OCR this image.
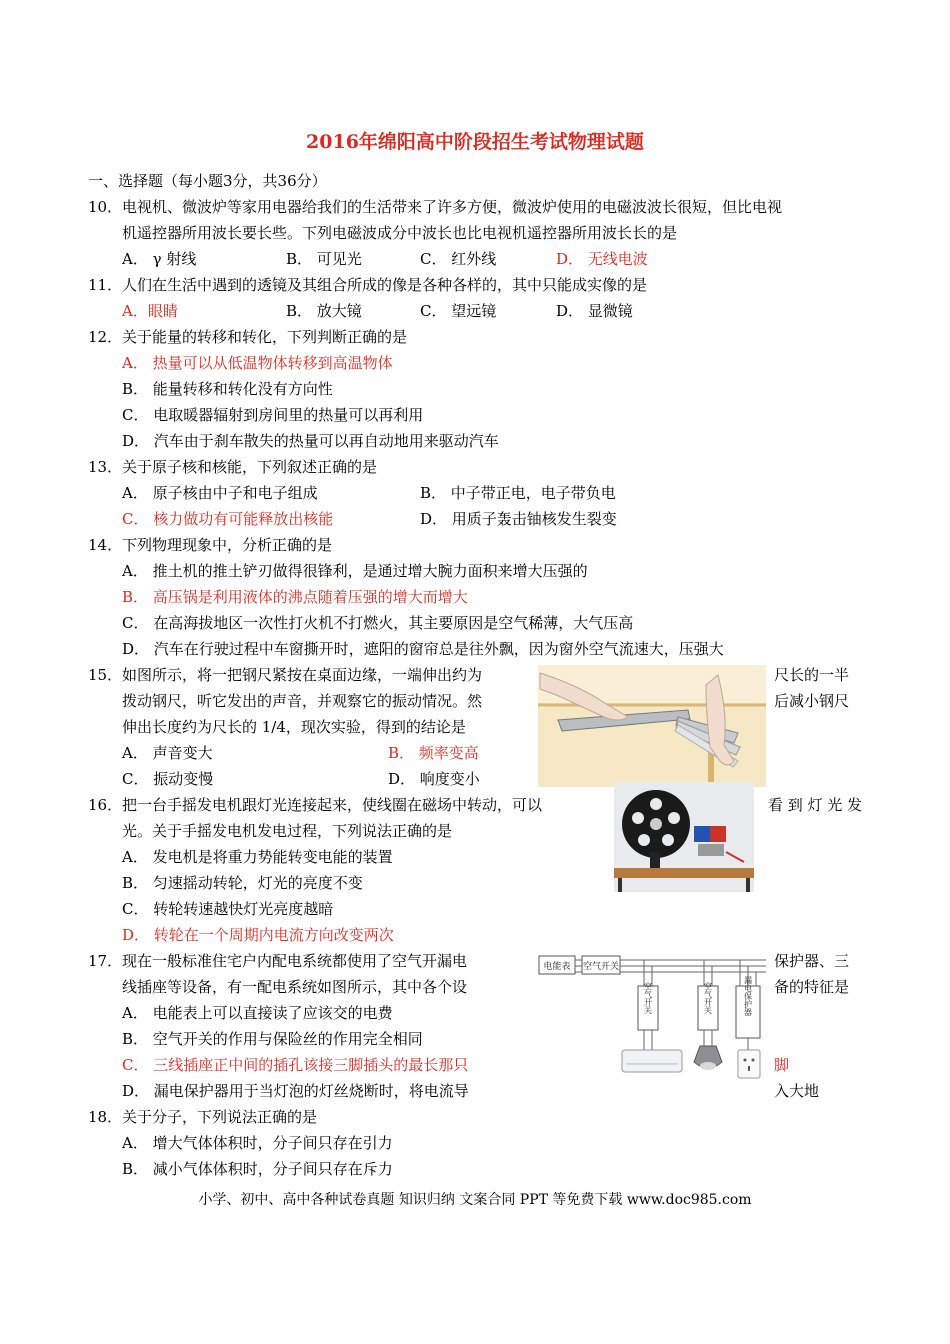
2016年绵阳高中阶段招生考试物理试题
一、选择题（每小题3分，共36分）
10．电视机、微波炉等家用电器给我们的生活带来了许多方便，微波炉使用的电磁波波长很短，但比电视
机遥控器所用波长要长些。下列电磁波成分中波长也比电视机遥控器所用波长长的是
A． γ 射线	B． 可见光	C． 红外线	D． 无线电波
11．人们在生活中遇到的透镜及其组合所成的像是各种各样的，其中只能成实像的是
A．眼睛	B． 放大镜	C． 望远镜	D． 显微镜
12．关于能量的转移和转化，下列判断正确的是
A． 热量可以从低温物体转移到高温物体
B． 能量转移和转化没有方向性
C． 电取暖器辐射到房间里的热量可以再利用
D． 汽车由于刹车散失的热量可以再自动地用来驱动汽车
13．关于原子核和核能，下列叙述正确的是
A． 原子核由中子和电子组成	B． 中子带正电，电子带负电
C． 核力做功有可能释放出核能	D． 用质子轰击铀核发生裂变
14．下列物理现象中，分析正确的是
A． 推土机的推土铲刃做得很锋利，是通过增大腕力面积来增大压强的
B． 高压锅是利用液体的沸点随着压强的增大而增大
C． 在高海拔地区一次性打火机不打燃火，其主要原因是空气稀薄，大气压高
D． 汽车在行驶过程中车窗撕开时，遮阳的窗帘总是往外飘，因为窗外空气流速大，压强大
15．如图所示，将一把钢尺紧按在桌面边缘，一端伸出约为	尺长的一半
拨动钢尺，听它发出的声音，并观察它的振动情况。然	后减小钢尺
伸出长度约为尺长的 1/4，现次实验，得到的结论是
A． 声音变大	B． 频率变高
C． 振动变慢	D． 响度变小
16．把一台手摇发电机跟灯光连接起来，使线圈在磁场中转动，可以	看 到 灯 光 发
光。关于手摇发电机发电过程，下列说法正确的是
A． 发电机是将重力势能转变电能的装置
B． 匀速摇动转轮，灯光的亮度不变
C． 转轮转速越快灯光亮度越暗
D． 转轮在一个周期内电流方向改变两次
17．现在一般标准住宅户内配电系统都使用了空气开漏电	保护器、三
线插座等设备，有一配电系统如图所示，其中各个设	备的特征是
A． 电能表上可以直接读了应该交的电费
B． 空气开关的作用与保险丝的作用完全相同
C． 三线插座正中间的插孔该接三脚插头的最长那只	脚
D． 漏电保护器用于当灯泡的灯丝烧断时，将电流导	入大地
电能表 空气开关
空气开关	空气开关	漏电保护器
18．关于分子，下列说法正确的是
A． 增大气体体积时，分子间只存在引力
B． 减小气体体积时，分子间只存在斥力
小学、初中、高中各种试卷真题 知识归纳 文案合同 PPT 等免费下载 www.doc985.com
